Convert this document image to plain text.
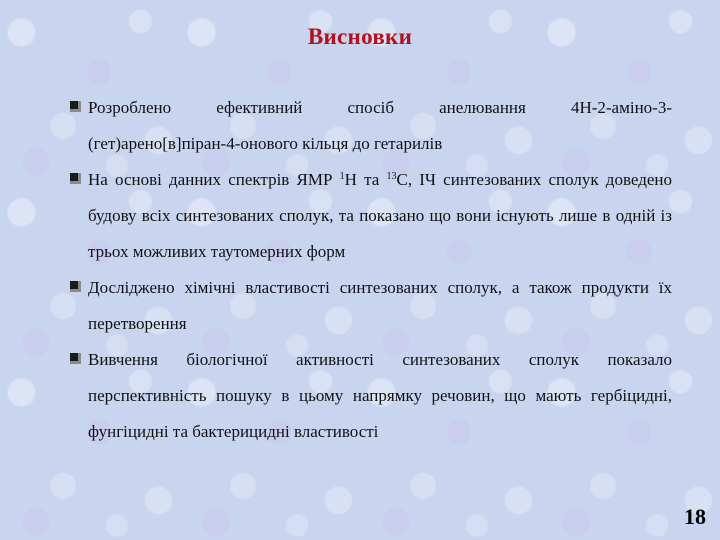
Висновки
Розроблено ефективний спосіб анелювання 4Н-2-аміно-3-
(гет)арено[в]піран-4-онового кільця до гетарилів
На основі данних спектрів ЯМР $^1$Н та $^{13}$С, ІЧ синтезованих сполук доведено будову всіх синтезованих сполук, та показано що вони існують лише в одній із трьох можливих таутомерних форм
Досліджено хімічні властивості синтезованих сполук, а також продукти їх перетворення
Вивчення біологічної активності синтезованих сполук показало перспективність пошуку в цьому напрямку речовин, що мають гербіцидні, фунгіцидні та бактерицидні властивості
18
